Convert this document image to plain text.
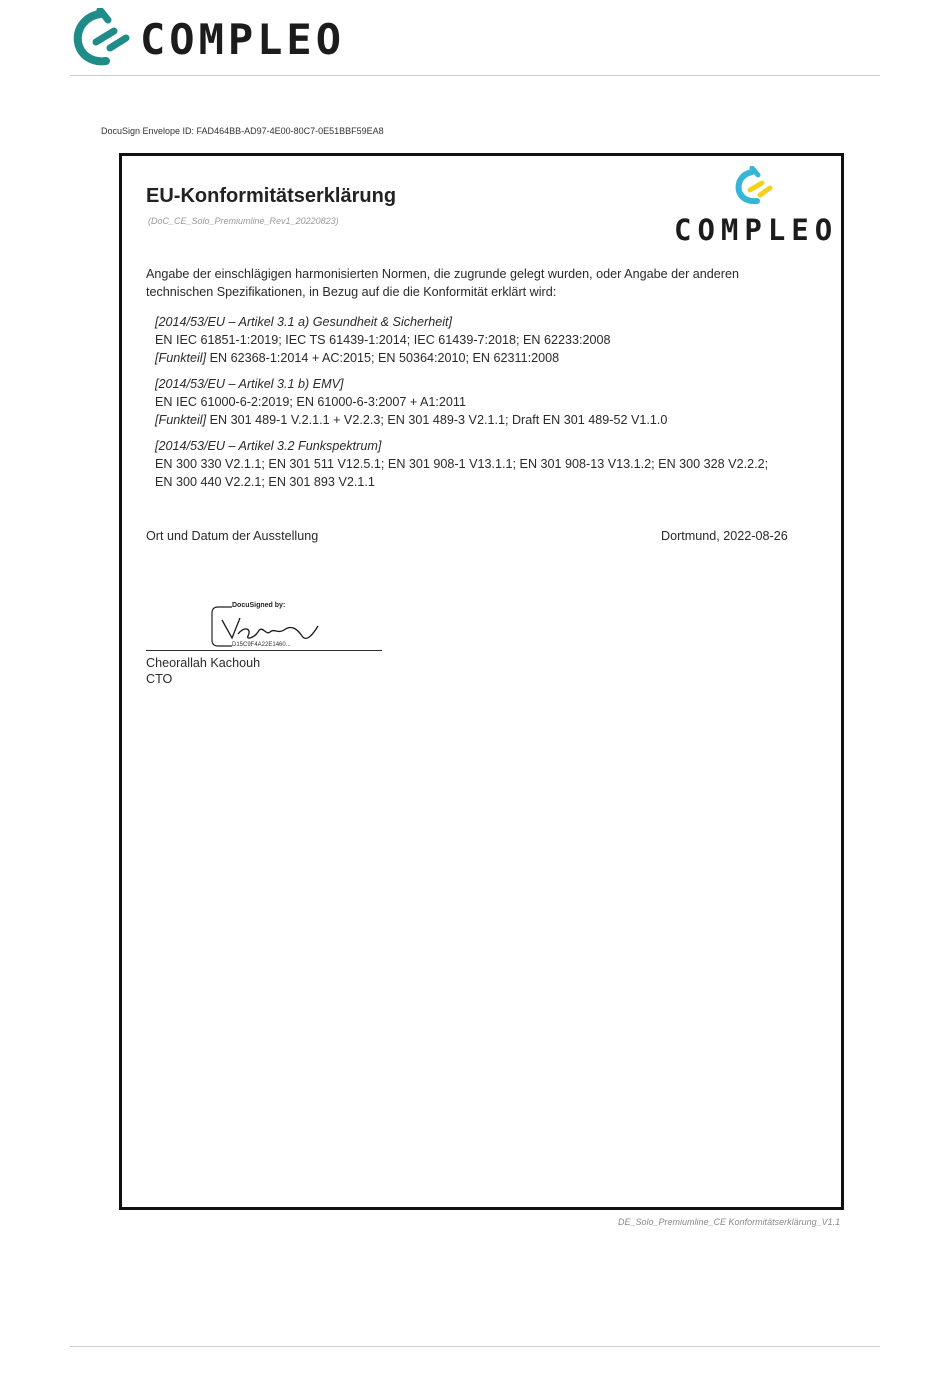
COMPLEO
DocuSign Envelope ID: FAD464BB-AD97-4E00-80C7-0E51BBF59EA8
EU-Konformitätserklärung
(DoC_CE_Solo_Premiumline_Rev1_20220823)	COMPLEO
Angabe der einschlägigen harmonisierten Normen, die zugrunde gelegt wurden, oder Angabe der anderen
technischen Spezifikationen, in Bezug auf die die Konformität erklärt wird:
[2014/53/EU – Artikel 3.1 a) Gesundheit & Sicherheit]
EN IEC 61851-1:2019; IEC TS 61439-1:2014; IEC 61439-7:2018; EN 62233:2008
[Funkteil] EN 62368-1:2014 + AC:2015; EN 50364:2010; EN 62311:2008
[2014/53/EU – Artikel 3.1 b) EMV]
EN IEC 61000-6-2:2019; EN 61000-6-3:2007 + A1:2011
[Funkteil] EN 301 489-1 V.2.1.1 + V2.2.3; EN 301 489-3 V2.1.1; Draft EN 301 489-52 V1.1.0
[2014/53/EU – Artikel 3.2 Funkspektrum]
EN 300 330 V2.1.1; EN 301 511 V12.5.1; EN 301 908-1 V13.1.1; EN 301 908-13 V13.1.2; EN 300 328 V2.2.2;
EN 300 440 V2.2.1; EN 301 893 V2.1.1
Ort und Datum der Ausstellung	Dortmund, 2022-08-26
DocuSigned by:
D15C9F4A22E1460...
Cheorallah Kachouh
CTO
DE_Solo_Premiumline_CE Konformitätserklärung_V1.1
